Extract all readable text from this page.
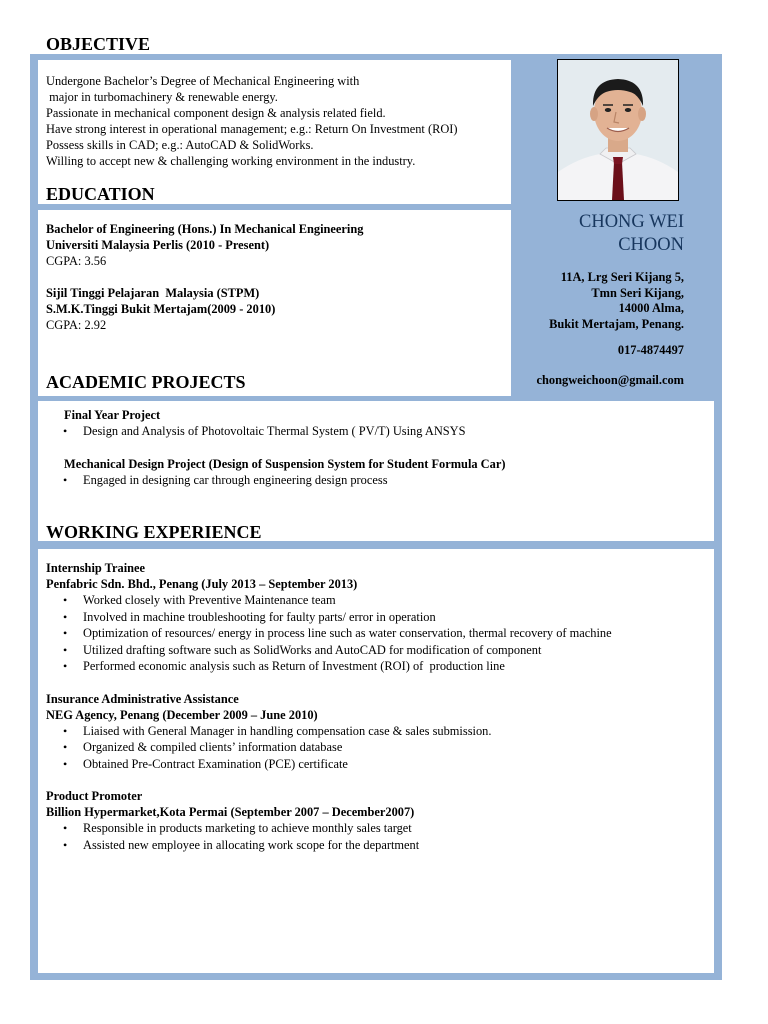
OBJECTIVE
Undergone Bachelor’s Degree of Mechanical Engineering with
major in turbomachinery & renewable energy.
Passionate in mechanical component design & analysis related field.
Have strong interest in operational management; e.g.: Return On Investment (ROI)
Possess skills in CAD; e.g.: AutoCAD & SolidWorks.
Willing to accept new & challenging working environment in the industry.
EDUCATION
Bachelor of Engineering (Hons.) In Mechanical Engineering
Universiti Malaysia Perlis (2010 - Present)
CGPA: 3.56
Sijil Tinggi Pelajaran  Malaysia (STPM)
S.M.K.Tinggi Bukit Mertajam(2009 - 2010)
CGPA: 2.92
CHONG WEI
CHOON
11A, Lrg Seri Kijang 5,
Tmn Seri Kijang,
14000 Alma,
Bukit Mertajam, Penang.
017-4874497
chongweichoon@gmail.com
ACADEMIC PROJECTS
Final Year Project
• Design and Analysis of Photovoltaic Thermal System ( PV/T) Using ANSYS
Mechanical Design Project (Design of Suspension System for Student Formula Car)
• Engaged in designing car through engineering design process
WORKING EXPERIENCE
Internship Trainee
Penfabric Sdn. Bhd., Penang (July 2013 – September 2013)
• Worked closely with Preventive Maintenance team
• Involved in machine troubleshooting for faulty parts/ error in operation
• Optimization of resources/ energy in process line such as water conservation, thermal recovery of machine
• Utilized drafting software such as SolidWorks and AutoCAD for modification of component
• Performed economic analysis such as Return of Investment (ROI) of  production line
Insurance Administrative Assistance
NEG Agency, Penang (December 2009 – June 2010)
• Liaised with General Manager in handling compensation case & sales submission.
• Organized & compiled clients’ information database
• Obtained Pre-Contract Examination (PCE) certificate
Product Promoter
Billion Hypermarket,Kota Permai (September 2007 – December2007)
• Responsible in products marketing to achieve monthly sales target
• Assisted new employee in allocating work scope for the department
